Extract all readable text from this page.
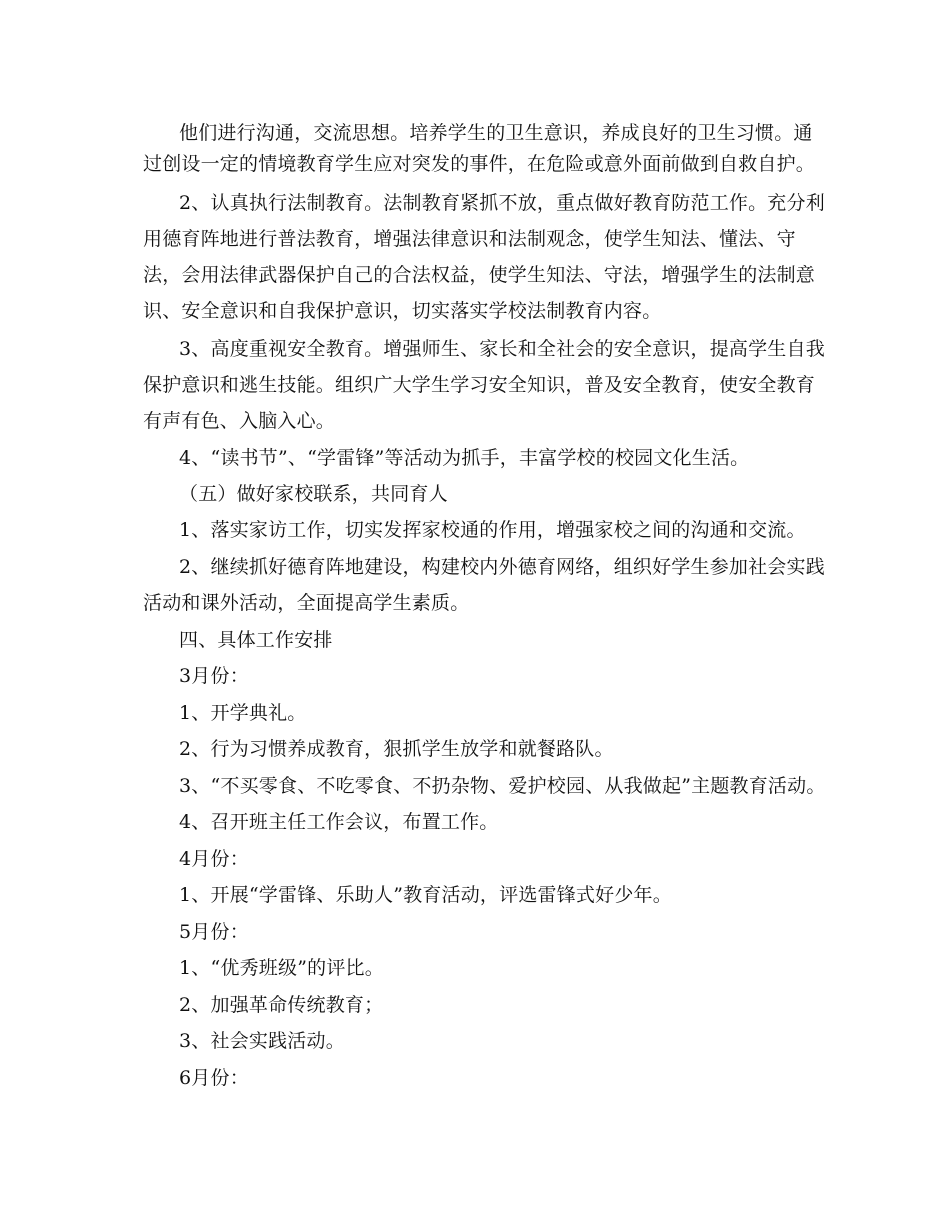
他们进行沟通，交流思想。培养学生的卫生意识，养成良好的卫生习惯。通
过创设一定的情境教育学生应对突发的事件，在危险或意外面前做到自救自护。
2、认真执行法制教育。法制教育紧抓不放，重点做好教育防范工作。充分利
用德育阵地进行普法教育，增强法律意识和法制观念，使学生知法、懂法、守
法，会用法律武器保护自己的合法权益，使学生知法、守法，增强学生的法制意
识、安全意识和自我保护意识，切实落实学校法制教育内容。
3、高度重视安全教育。增强师生、家长和全社会的安全意识，提高学生自我
保护意识和逃生技能。组织广大学生学习安全知识，普及安全教育，使安全教育
有声有色、入脑入心。
4、“读书节”、“学雷锋”等活动为抓手，丰富学校的校园文化生活。
（五）做好家校联系，共同育人
1、落实家访工作，切实发挥家校通的作用，增强家校之间的沟通和交流。
2、继续抓好德育阵地建设，构建校内外德育网络，组织好学生参加社会实践
活动和课外活动，全面提高学生素质。
四、具体工作安排
3月份：
1、开学典礼。
2、行为习惯养成教育，狠抓学生放学和就餐路队。
3、“不买零食、不吃零食、不扔杂物、爱护校园、从我做起”主题教育活动。
4、召开班主任工作会议，布置工作。
4月份：
1、开展“学雷锋、乐助人”教育活动，评选雷锋式好少年。
5月份：
1、“优秀班级”的评比。
2、加强革命传统教育；
3、社会实践活动。
6月份：
